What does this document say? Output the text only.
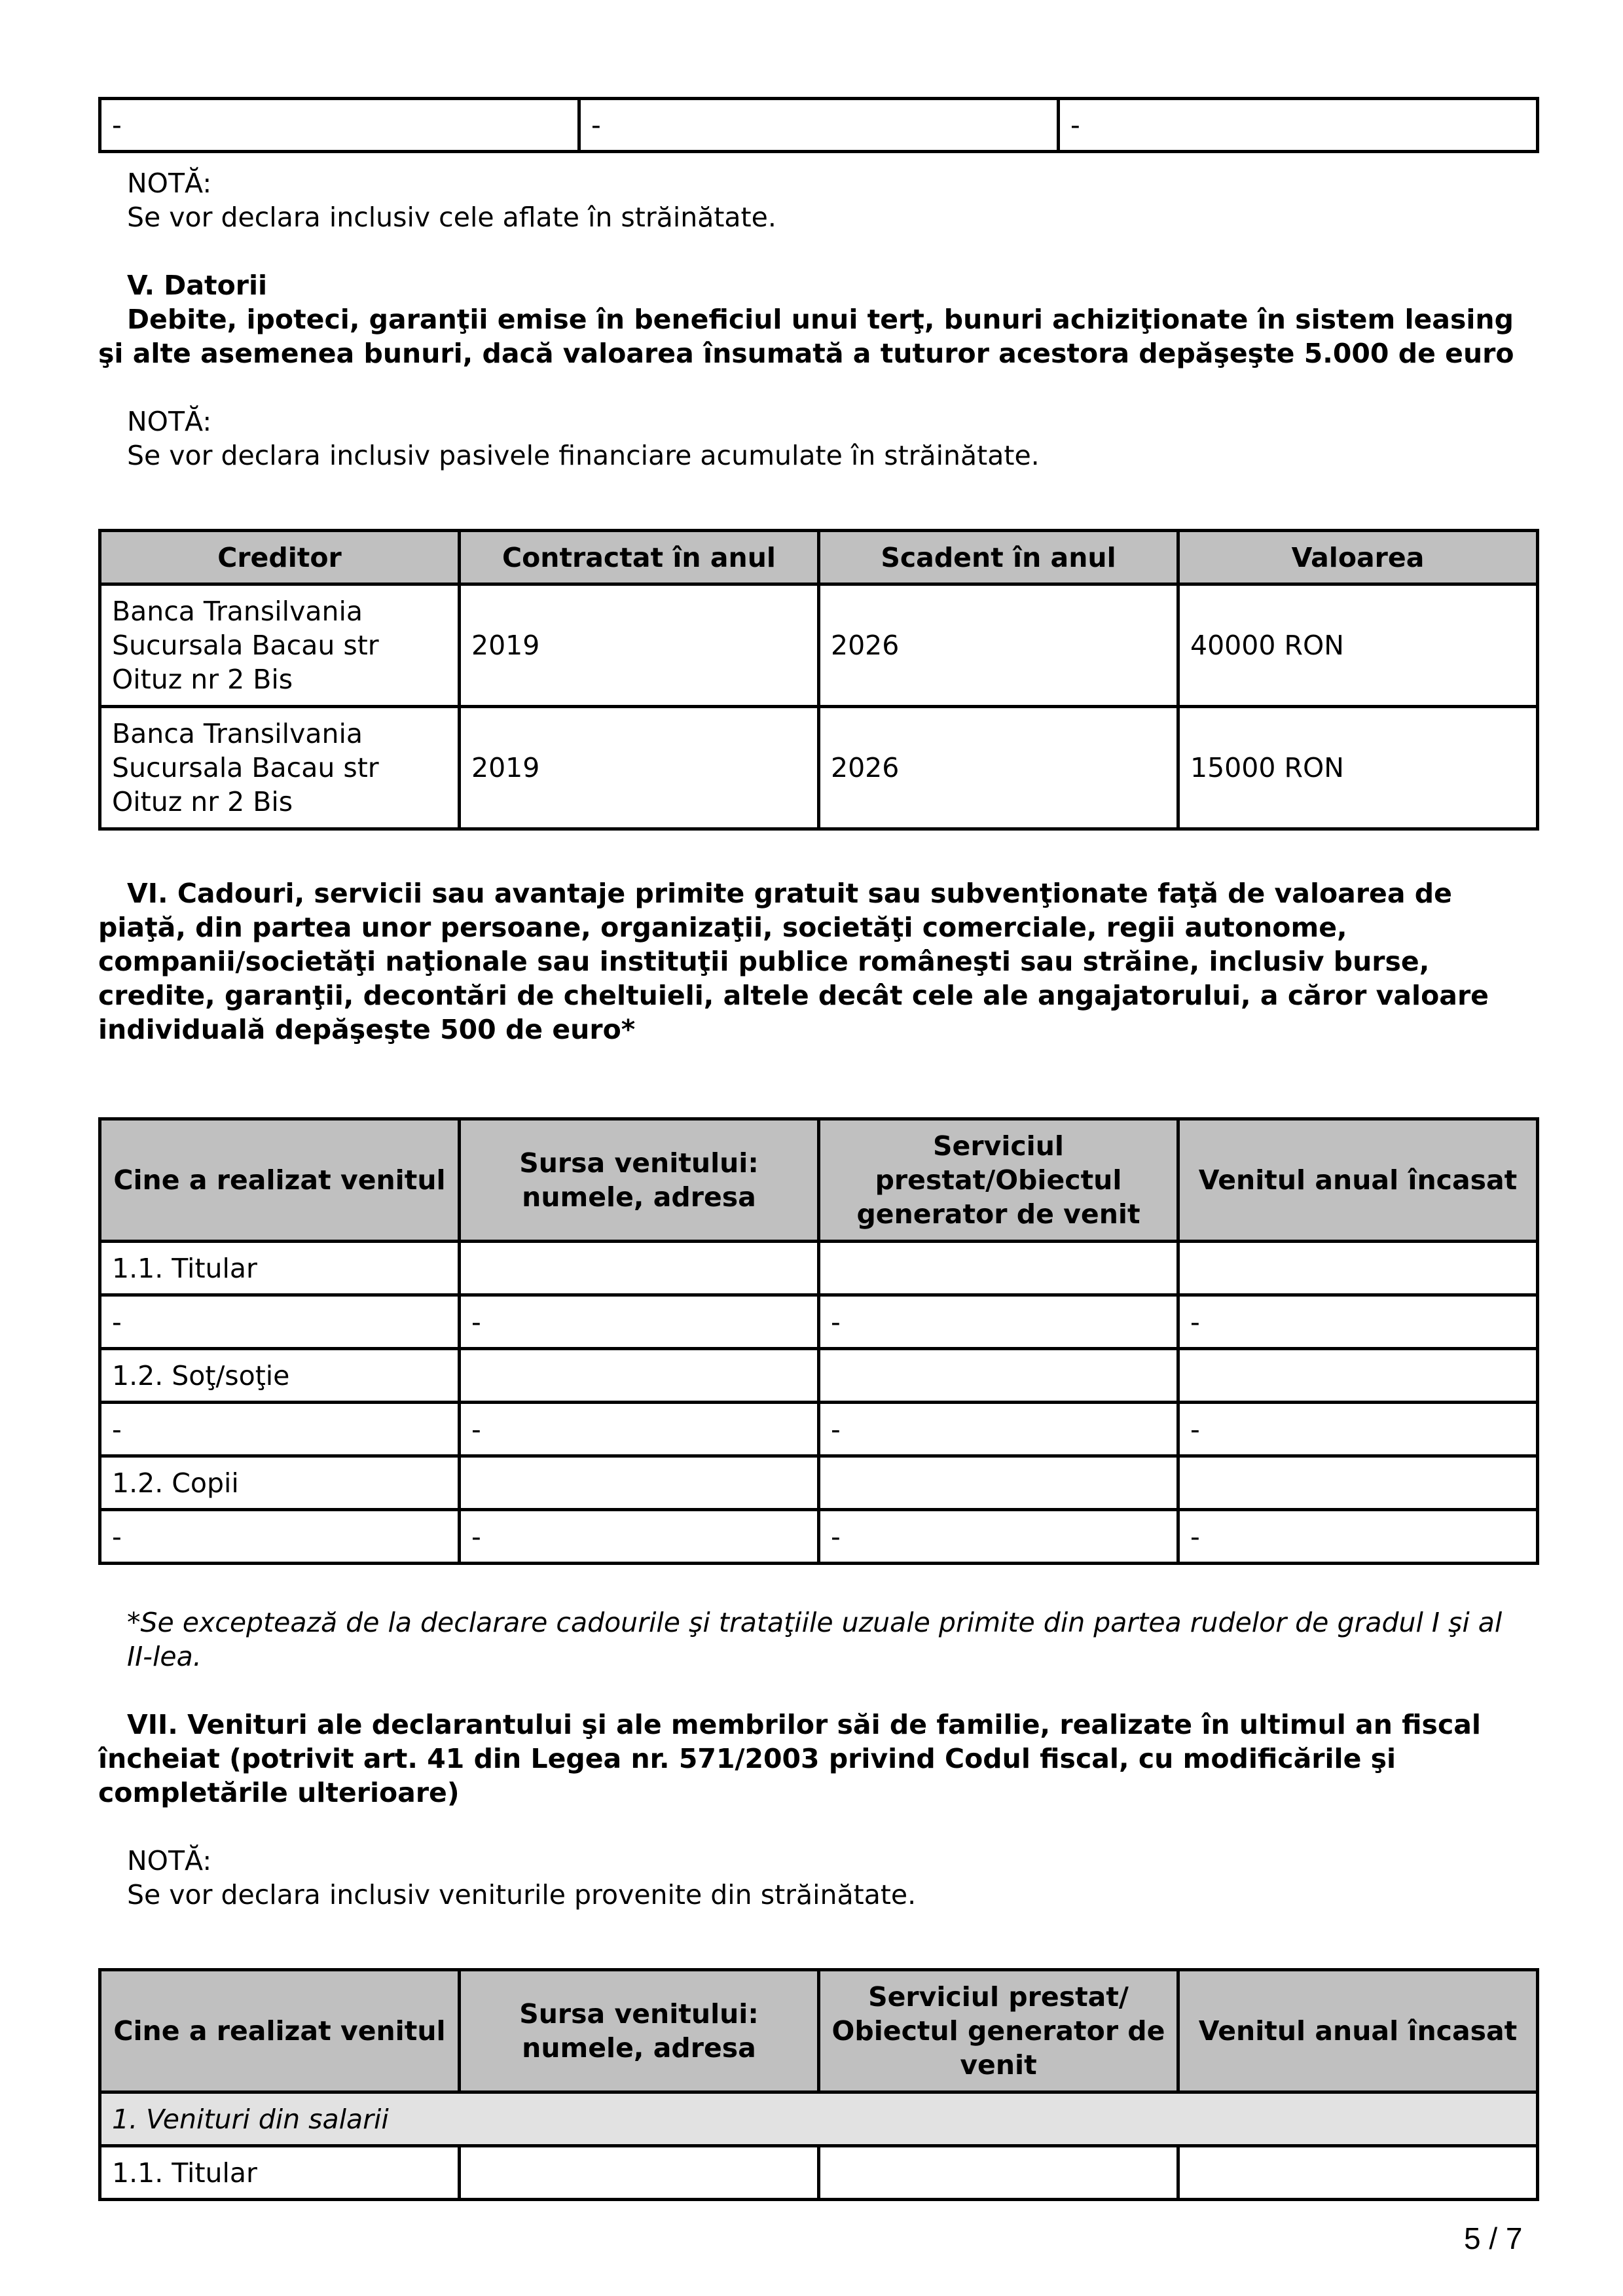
-	-	-

NOTĂ:

Se vor declara inclusiv cele aflate în străinătate.

V. Datorii

Debite, ipoteci, garanţii emise în beneficiul unui terţ, bunuri achiziţionate în sistem leasing şi alte asemenea bunuri, dacă valoarea însumată a tuturor acestora depăşeşte 5.000 de euro

NOTĂ:

Se vor declara inclusiv pasivele financiare acumulate în străinătate.

Creditor	Contractat în anul	Scadent în anul	Valoarea
Banca Transilvania Sucursala Bacau str Oituz nr 2 Bis	2019	2026	40000 RON
Banca Transilvania Sucursala Bacau str Oituz nr 2 Bis	2019	2026	15000 RON

VI. Cadouri, servicii sau avantaje primite gratuit sau subvenţionate faţă de valoarea de piaţă, din partea unor persoane, organizaţii, societăţi comerciale, regii autonome, companii/societăţi naţionale sau instituţii publice româneşti sau străine, inclusiv burse, credite, garanţii, decontări de cheltuieli, altele decât cele ale angajatorului, a căror valoare individuală depăşeşte 500 de euro*

Cine a realizat venitul	Sursa venitului: numele, adresa	Serviciul prestat/Obiectul generator de venit	Venitul anual încasat
1.1. Titular			
-	-	-	-
1.2. Soţ/soţie			
-	-	-	-
1.2. Copii			
-	-	-	-

*Se exceptează de la declarare cadourile şi trataţiile uzuale primite din partea rudelor de gradul I şi al II-lea.

VII. Venituri ale declarantului şi ale membrilor săi de familie, realizate în ultimul an fiscal încheiat (potrivit art. 41 din Legea nr. 571/2003 privind Codul fiscal, cu modificările şi completările ulterioare)

NOTĂ:

Se vor declara inclusiv veniturile provenite din străinătate.

Cine a realizat venitul	Sursa venitului: numele, adresa	Serviciul prestat/ Obiectul generator de venit	Venitul anual încasat
1. Venituri din salarii			
1.1. Titular			
5 / 7
